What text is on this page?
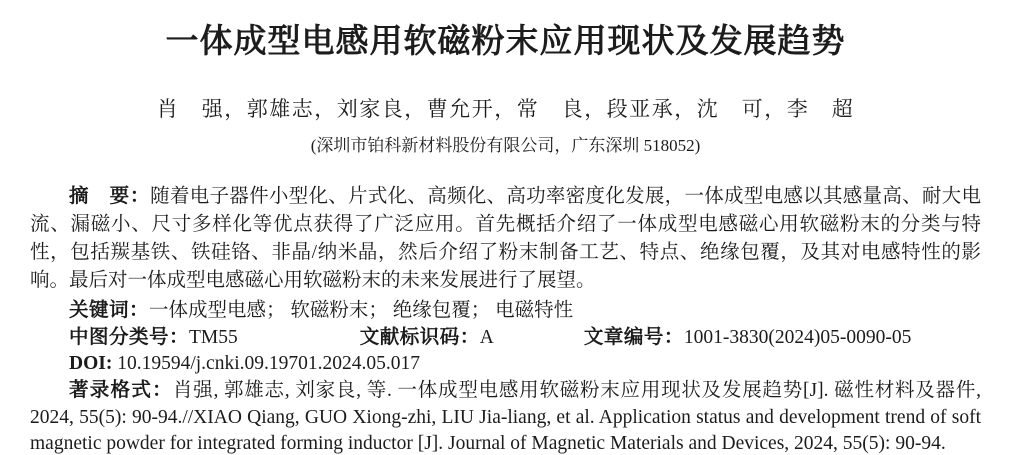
一体成型电感用软磁粉末应用现状及发展趋势
肖　强，郭雄志，刘家良，曹允开，常　良，段亚承，沈　可，李　超
(深圳市铂科新材料股份有限公司，广东深圳 518052)

摘　要：随着电子器件小型化、片式化、高频化、高功率密度化发展，一体成型电感以其感量高、耐大电流、漏磁小、尺寸多样化等优点获得了广泛应用。首先概括介绍了一体成型电感磁心用软磁粉末的分类与特性，包括羰基铁、铁硅铬、非晶/纳米晶，然后介绍了粉末制备工艺、特点、绝缘包覆，及其对电感特性的影响。最后对一体成型电感磁心用软磁粉末的未来发展进行了展望。

关键词：一体成型电感； 软磁粉末； 绝缘包覆； 电磁特性
中图分类号：TM55	文献标识码：A	文章编号：1001-3830(2024)05-0090-05
DOI: 10.19594/j.cnki.09.19701.2024.05.017

著录格式：肖强, 郭雄志, 刘家良, 等. 一体成型电感用软磁粉末应用现状及发展趋势[J]. 磁性材料及器件, 2024, 55(5): 90-94.//XIAO Qiang, GUO Xiong-zhi, LIU Jia-liang, et al. Application status and development trend of soft magnetic powder for integrated forming inductor [J]. Journal of Magnetic Materials and Devices, 2024, 55(5): 90-94.
